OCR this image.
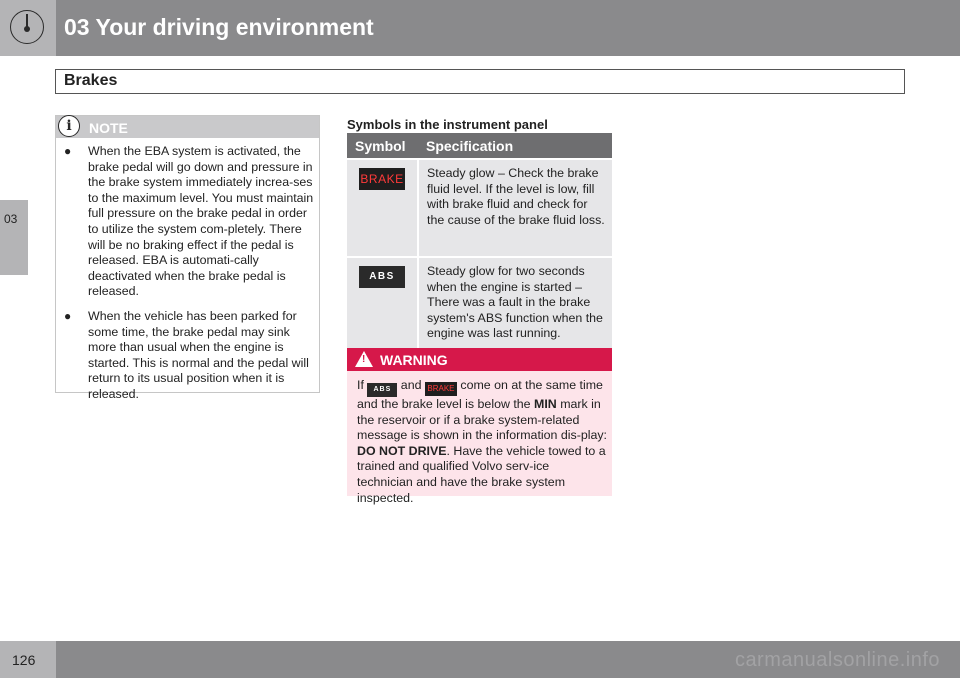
03 Your driving environment
Brakes
03
i	NOTE
● When the EBA system is activated, the brake pedal will go down and pressure in the brake system immediately increa-ses to the maximum level. You must maintain full pressure on the brake pedal in order to utilize the system com-pletely. There will be no braking effect if the pedal is released. EBA is automati-cally deactivated when the brake pedal is released.
● When the vehicle has been parked for some time, the brake pedal may sink more than usual when the engine is started. This is normal and the pedal will return to its usual position when it is released.
Symbols in the instrument panel
Symbol	Specification
BRAKE	Steady glow – Check the brake fluid level. If the level is low, fill with brake fluid and check for the cause of the brake fluid loss.
ABS	Steady glow for two seconds when the engine is started – There was a fault in the brake system's ABS function when the engine was last running.
! WARNING
If ABS and BRAKE come on at the same time and the brake level is below the MIN mark in the reservoir or if a brake system-related message is shown in the information dis-play: DO NOT DRIVE. Have the vehicle towed to a trained and qualified Volvo serv-ice technician and have the brake system inspected.
126	carmanualsonline.info
